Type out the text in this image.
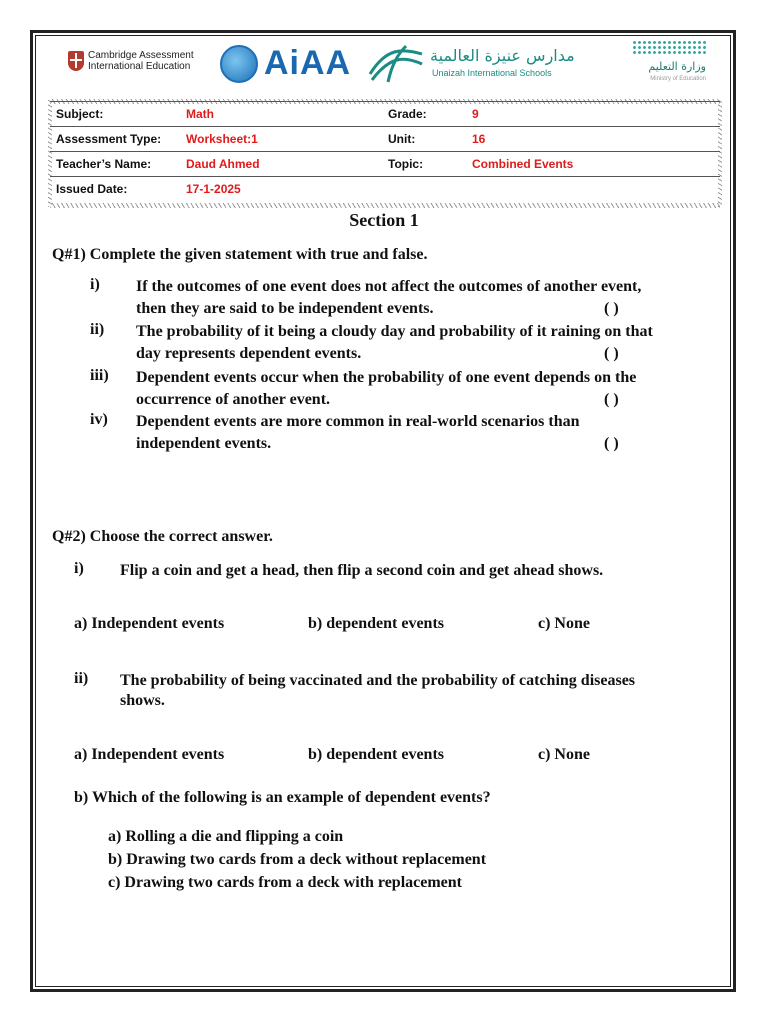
Cambridge Assessment
International Education AiAA	مدارس عنيزة العالمية
Unaizah International Schools	وزارة التعليم
Ministry of Education
Subject:	Math	Grade:	9
Assessment Type:	Worksheet:1	Unit:	16
Teacher’s Name:	Daud Ahmed	Topic:	Combined Events
Issued Date:	17-1-2025		
Section 1
Q#1) Complete the given statement with true and false.
i) If the outcomes of one event does not affect the outcomes of another event,
then they are said to be independent events.	( )
ii) The probability of it being a cloudy day and probability of it raining on that
day represents dependent events.	( )
iii) Dependent events occur when the probability of one event depends on the
occurrence of another event.	( )
iv) Dependent events are more common in real-world scenarios than
independent events.	( )
Q#2) Choose the correct answer.
i) Flip a coin and get a head, then flip a second coin and get ahead shows.
a) Independent events	b) dependent events	c) None
ii) The probability of being vaccinated and the probability of catching diseases
shows.
a) Independent events	b) dependent events	c) None
b) Which of the following is an example of dependent events?
a) Rolling a die and flipping a coin
b) Drawing two cards from a deck without replacement
c) Drawing two cards from a deck with replacement
